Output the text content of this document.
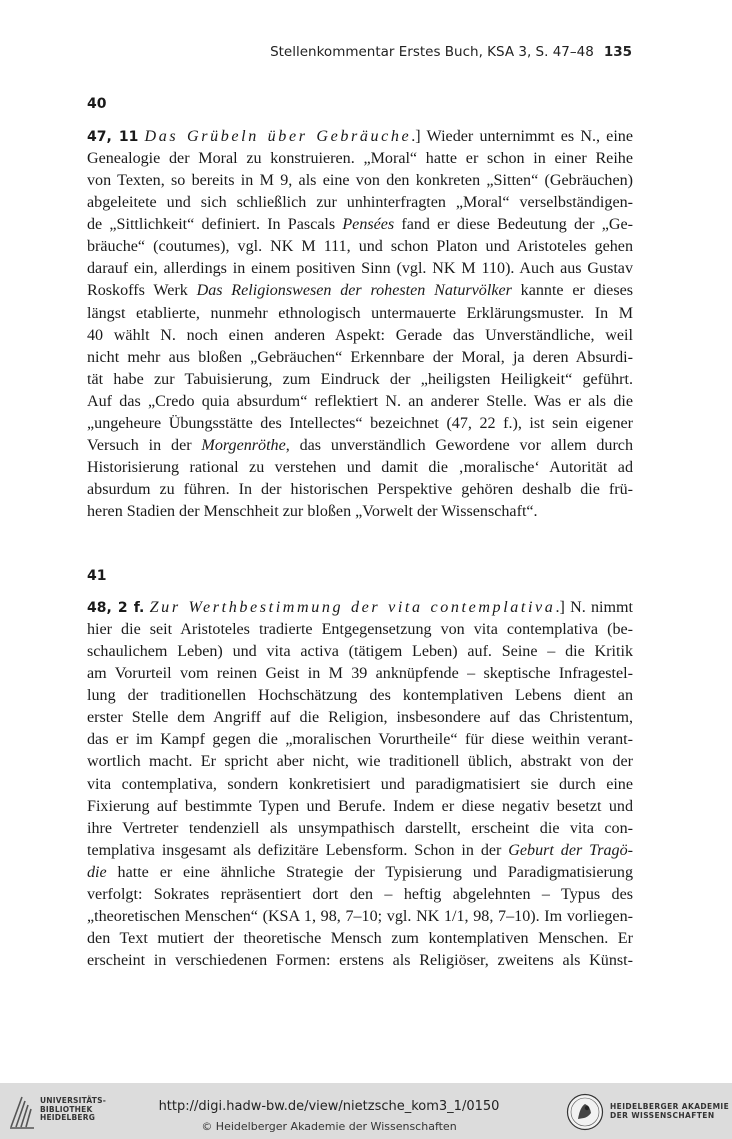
Stellenkommentar Erstes Buch, KSA 3, S. 47–48 135
40
47, 11 Das Grübeln über Gebräuche.] Wieder unternimmt es N., eine
Genealogie der Moral zu konstruieren. „Moral“ hatte er schon in einer Reihe
von Texten, so bereits in M 9, als eine von den konkreten „Sitten“ (Gebräuchen)
abgeleitete und sich schließlich zur unhinterfragten „Moral“ verselbständigen-
de „Sittlichkeit“ definiert. In Pascals Pensées fand er diese Bedeutung der „Ge-
bräuche“ (coutumes), vgl. NK M 111, und schon Platon und Aristoteles gehen
darauf ein, allerdings in einem positiven Sinn (vgl. NK M 110). Auch aus Gustav
Roskoffs Werk Das Religionswesen der rohesten Naturvölker kannte er dieses
längst etablierte, nunmehr ethnologisch untermauerte Erklärungsmuster. In M
40 wählt N. noch einen anderen Aspekt: Gerade das Unverständliche, weil
nicht mehr aus bloßen „Gebräuchen“ Erkennbare der Moral, ja deren Absurdi-
tät habe zur Tabuisierung, zum Eindruck der „heiligsten Heiligkeit“ geführt.
Auf das „Credo quia absurdum“ reflektiert N. an anderer Stelle. Was er als die
„ungeheure Übungsstätte des Intellectes“ bezeichnet (47, 22 f.), ist sein eigener
Versuch in der Morgenröthe, das unverständlich Gewordene vor allem durch
Historisierung rational zu verstehen und damit die ‚moralische‘ Autorität ad
absurdum zu führen. In der historischen Perspektive gehören deshalb die frü-
heren Stadien der Menschheit zur bloßen „Vorwelt der Wissenschaft“.
41
48, 2 f. Zur Werthbestimmung der vita contemplativa.] N. nimmt
hier die seit Aristoteles tradierte Entgegensetzung von vita contemplativa (be-
schaulichem Leben) und vita activa (tätigem Leben) auf. Seine – die Kritik
am Vorurteil vom reinen Geist in M 39 anknüpfende – skeptische Infragestel-
lung der traditionellen Hochschätzung des kontemplativen Lebens dient an
erster Stelle dem Angriff auf die Religion, insbesondere auf das Christentum,
das er im Kampf gegen die „moralischen Vorurtheile“ für diese weithin verant-
wortlich macht. Er spricht aber nicht, wie traditionell üblich, abstrakt von der
vita contemplativa, sondern konkretisiert und paradigmatisiert sie durch eine
Fixierung auf bestimmte Typen und Berufe. Indem er diese negativ besetzt und
ihre Vertreter tendenziell als unsympathisch darstellt, erscheint die vita con-
templativa insgesamt als defizitäre Lebensform. Schon in der Geburt der Tragö-
die hatte er eine ähnliche Strategie der Typisierung und Paradigmatisierung
verfolgt: Sokrates repräsentiert dort den – heftig abgelehnten – Typus des
„theoretischen Menschen“ (KSA 1, 98, 7–10; vgl. NK 1/1, 98, 7–10). Im vorliegen-
den Text mutiert der theoretische Mensch zum kontemplativen Menschen. Er
erscheint in verschiedenen Formen: erstens als Religiöser, zweitens als Künst-
UNIVERSITÄTS-
BIBLIOTHEK
HEIDELBERG
http://digi.hadw-bw.de/view/nietzsche_kom3_1/0150
© Heidelberger Akademie der Wissenschaften
HEIDELBERGER AKADEMIE
DER WISSENSCHAFTEN
